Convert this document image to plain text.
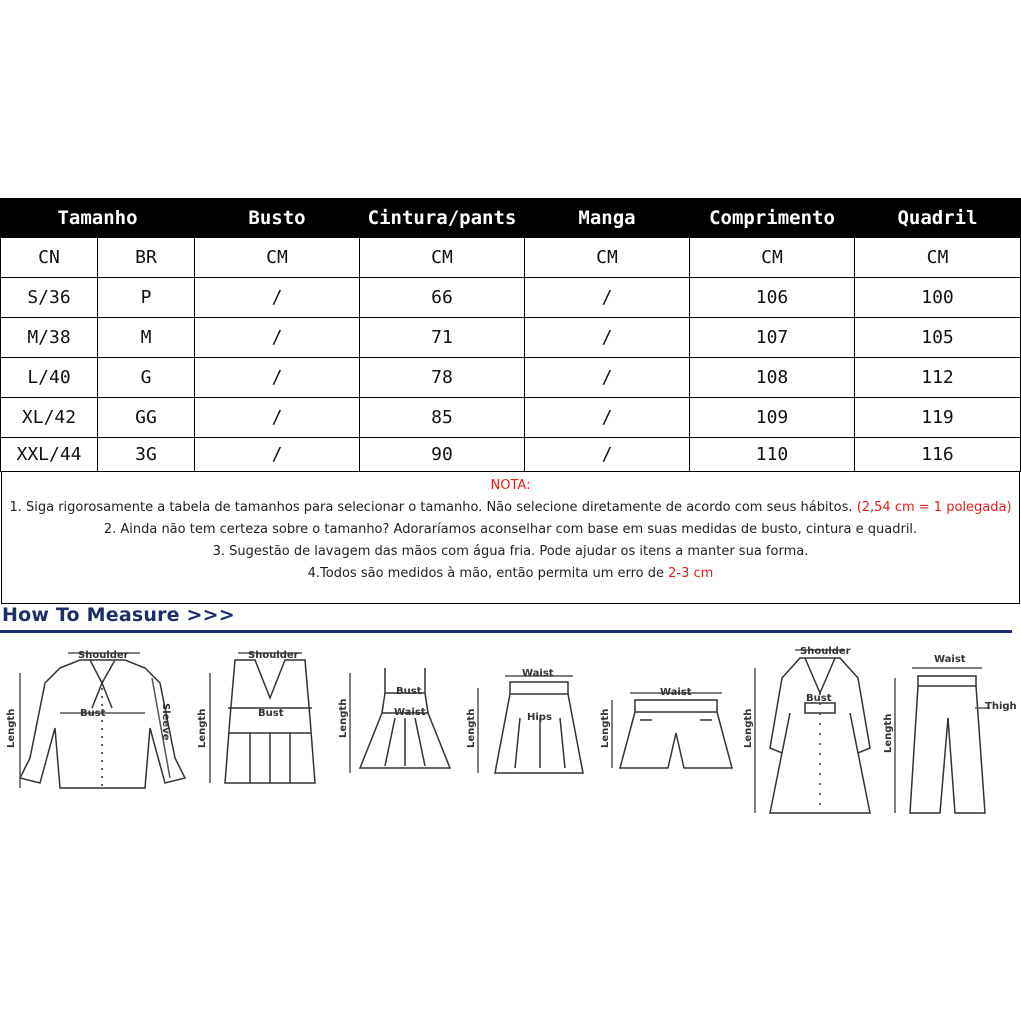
Tamanho		Busto	Cintura/pants	Manga	Comprimento	Quadril
CN	BR	CM	CM	CM	CM	CM
S/36	P	/	66	/	106	100
M/38	M	/	71	/	107	105
L/40	G	/	78	/	108	112
XL/42	GG	/	85	/	109	119
XXL/44	3G	/	90	/	110	116
NOTA:
1. Siga rigorosamente a tabela de tamanhos para selecionar o tamanho. Não selecione diretamente de acordo com seus hábitos. (2,54 cm = 1 polegada)
2. Ainda não tem certeza sobre o tamanho? Adoraríamos aconselhar com base em suas medidas de busto, cintura e quadril.
3. Sugestão de lavagem das mãos com água fria. Pode ajudar os itens a manter sua forma.
4.Todos são medidos à mão, então permita um erro de 2-3 cm
How To Measure >>>
Shoulder
Bust	Sleeve
Length
Shoulder
Bust
Length
Bust
Waist
Length
Waist
Hips
Length
Waist
Length
Shoulder
Bust
Length
Waist
Thigh
Length
